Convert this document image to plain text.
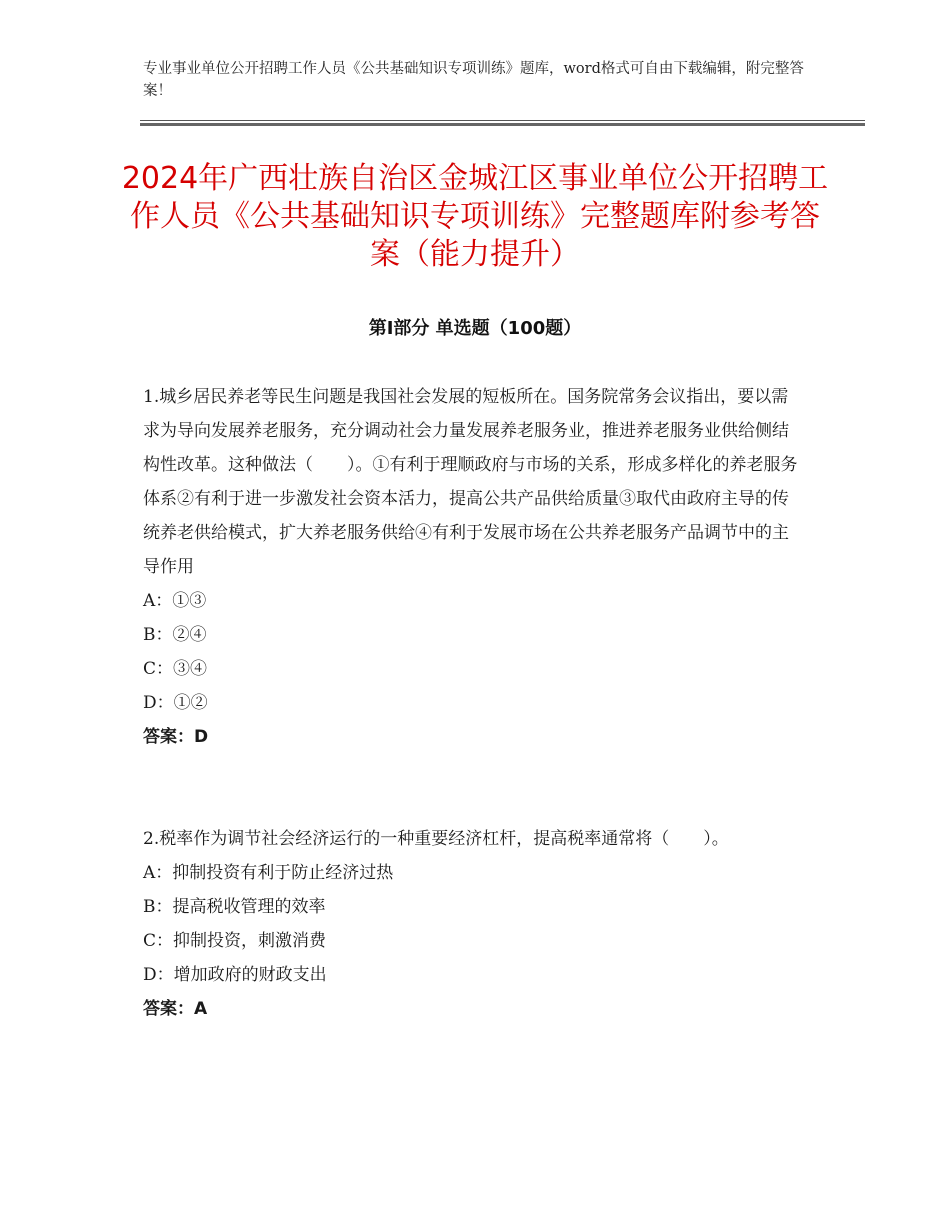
专业事业单位公开招聘工作人员《公共基础知识专项训练》题库，word格式可自由下载编辑，附完整答案！
2024年广西壮族自治区金城江区事业单位公开招聘工作人员《公共基础知识专项训练》完整题库附参考答案（能力提升）
第I部分 单选题（100题）

1.城乡居民养老等民生问题是我国社会发展的短板所在。国务院常务会议指出，要以需求为导向发展养老服务，充分调动社会力量发展养老服务业，推进养老服务业供给侧结构性改革。这种做法（　　）。①有利于理顺政府与市场的关系，形成多样化的养老服务体系②有利于进一步激发社会资本活力，提高公共产品供给质量③取代由政府主导的传统养老供给模式，扩大养老服务供给④有利于发展市场在公共养老服务产品调节中的主导作用

A：①③

B：②④

C：③④

D：①②

答案：D

2.税率作为调节社会经济运行的一种重要经济杠杆，提高税率通常将（　　）。

A：抑制投资有利于防止经济过热

B：提高税收管理的效率

C：抑制投资，刺激消费

D：增加政府的财政支出

答案：A
